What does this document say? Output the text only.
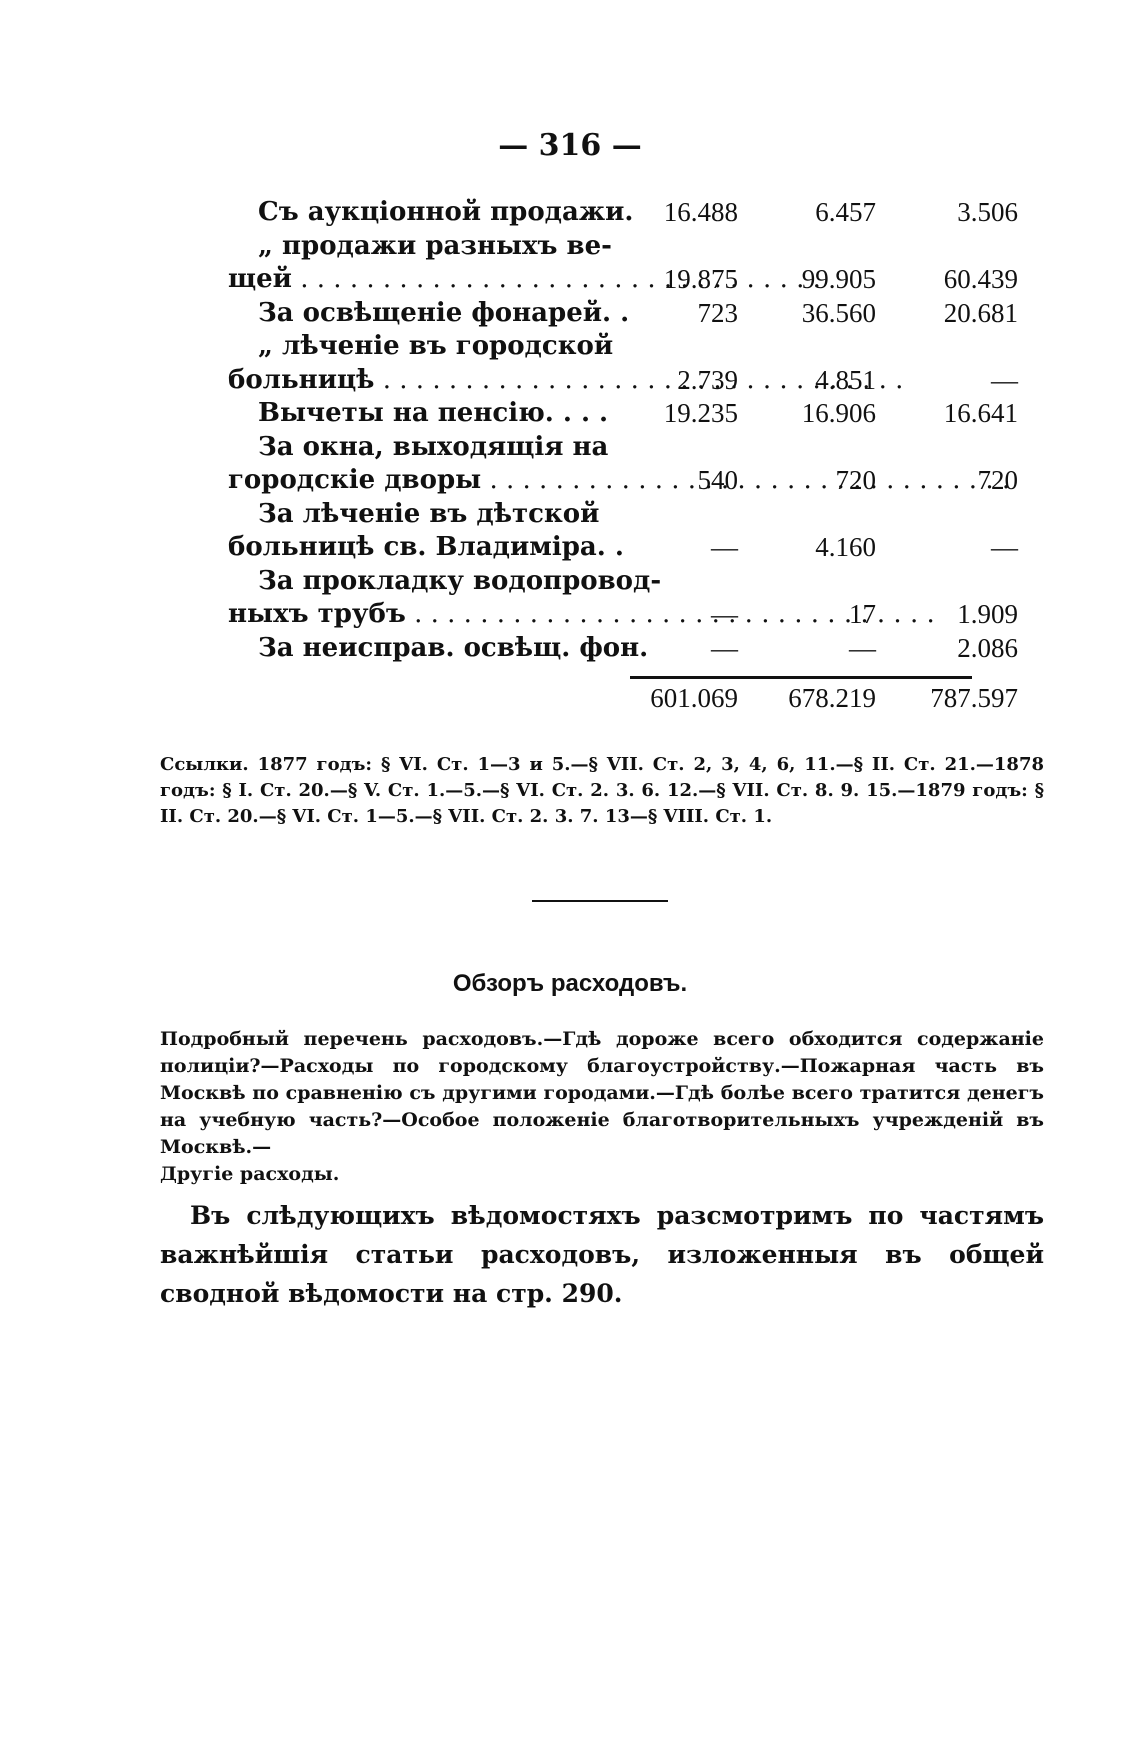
— 316 —
Съ аукціонной продажи.	16.488	6.457	3.506
„ продажи разныхъ ве-
щей . . .	19.875	99.905	60.439
За освѣщеніе фонарей. .	723	36.560	20.681
„ лѣченіе въ городской
больницѣ . . .	2.739	4.851	—
Вычеты на пенсію. . . .	19.235	16.906	16.641
За окна, выходящія на
городскіе дворы . . .	540	720	720
За лѣченіе въ дѣтской
больницѣ св. Владиміра. .	—	4.160	—
За прокладку водопровод-
ныхъ трубъ . . .	—	17	1.909
За неисправ. освѣщ. фон.	—	—	2.086
601.069	678.219	787.597
Ссылки. 1877 годъ: § VI. Ст. 1—3 и 5.—§ VII. Ст. 2, 3, 4, 6, 11.—§ II. Ст. 21.—1878 годъ: § I. Ст. 20.—§ V. Ст. 1.—5.—§ VI. Ст. 2. 3. 6. 12.—§ VII. Ст. 8. 9. 15.—1879 годъ: § II. Ст. 20.—§ VI. Ст. 1—5.—§ VII. Ст. 2. 3. 7. 13—§ VIII. Ст. 1.
Обзоръ расходовъ.
Подробный перечень расходовъ.—Гдѣ дороже всего обходится содержаніе полиціи?—Расходы по городскому благоустройству.—Пожарная часть въ Москвѣ по сравненію съ другими городами.—Гдѣ болѣе всего тратится денегъ на учебную часть?—Особое положеніе благотворительныхъ учрежденій въ Москвѣ.—
Другіе расходы.
Въ слѣдующихъ вѣдомостяхъ разсмотримъ по частямъ важнѣйшія статьи расходовъ, изложенныя въ общей сводной вѣдомости на стр. 290.
